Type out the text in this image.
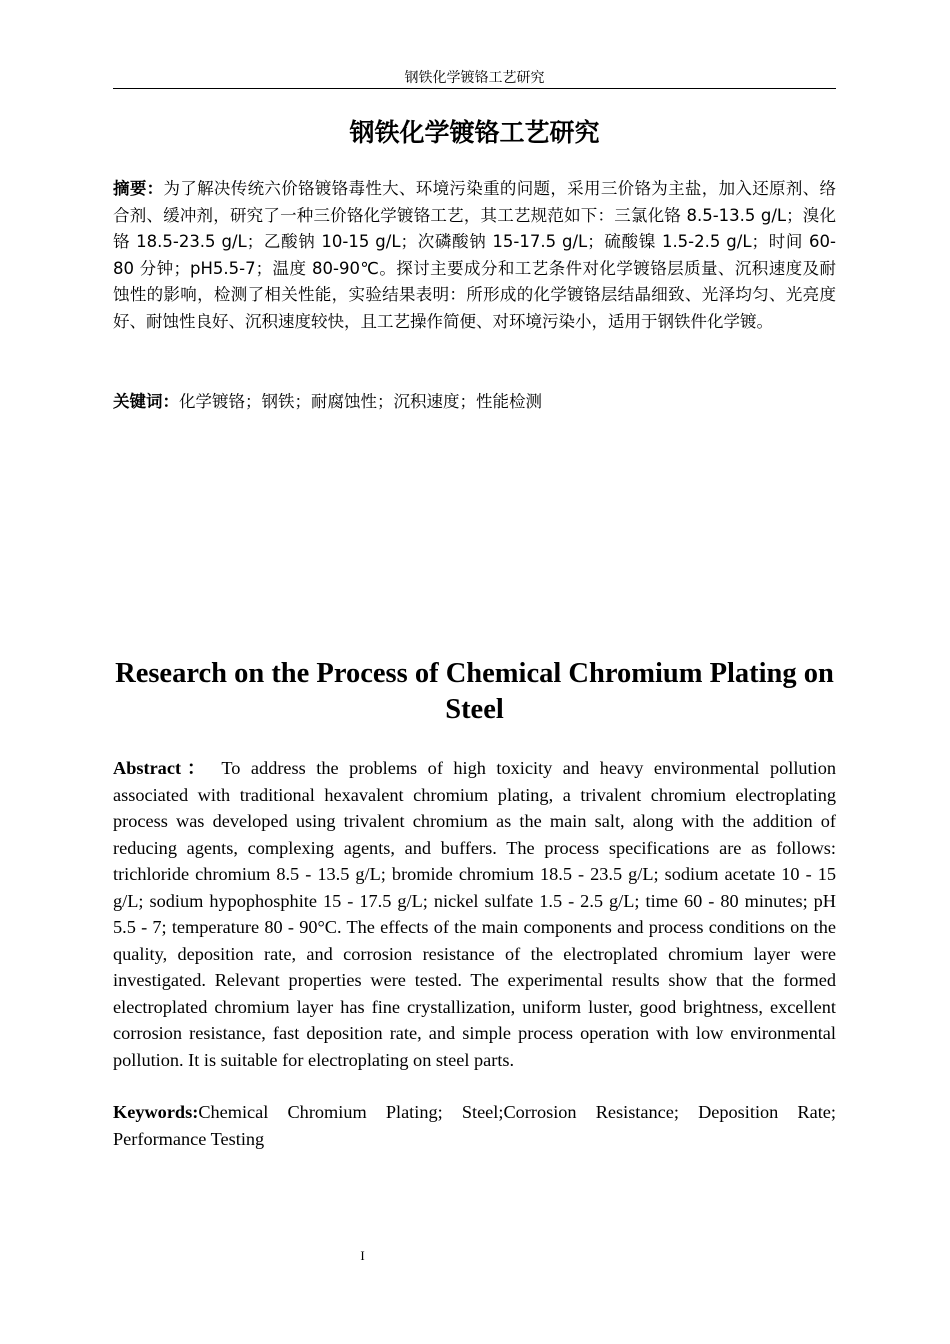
钢铁化学镀铬工艺研究
钢铁化学镀铬工艺研究
摘要：为了解决传统六价铬镀铬毒性大、环境污染重的问题，采用三价铬为主盐，加入还原剂、络合剂、缓冲剂，研究了一种三价铬化学镀铬工艺，其工艺规范如下：三氯化铬 8.5-13.5 g/L；溴化铬 18.5-23.5 g/L；乙酸钠 10-15 g/L；次磷酸钠 15-17.5 g/L；硫酸镍 1.5-2.5 g/L；时间 60-80 分钟；pH5.5-7；温度 80-90℃。探讨主要成分和工艺条件对化学镀铬层质量、沉积速度及耐蚀性的影响，检测了相关性能，实验结果表明：所形成的化学镀铬层结晶细致、光泽均匀、光亮度好、耐蚀性良好、沉积速度较快，且工艺操作简便、对环境污染小，适用于钢铁件化学镀。
关键词：化学镀铬；钢铁；耐腐蚀性；沉积速度；性能检测
Research on the Process of Chemical Chromium Plating on Steel
Abstract： To address the problems of high toxicity and heavy environmental pollution associated with traditional hexavalent chromium plating, a trivalent chromium electroplating process was developed using trivalent chromium as the main salt, along with the addition of reducing agents, complexing agents, and buffers. The process specifications are as follows: trichloride chromium 8.5 - 13.5 g/L; bromide chromium 18.5 - 23.5 g/L; sodium acetate 10 - 15 g/L; sodium hypophosphite 15 - 17.5 g/L; nickel sulfate 1.5 - 2.5 g/L; time 60 - 80 minutes; pH 5.5 - 7; temperature 80 - 90°C. The effects of the main components and process conditions on the quality, deposition rate, and corrosion resistance of the electroplated chromium layer were investigated. Relevant properties were tested. The experimental results show that the formed electroplated chromium layer has fine crystallization, uniform luster, good brightness, excellent corrosion resistance, fast deposition rate, and simple process operation with low environmental pollution. It is suitable for electroplating on steel parts.
Keywords:Chemical Chromium Plating; Steel;Corrosion Resistance; Deposition Rate; Performance Testing
I
